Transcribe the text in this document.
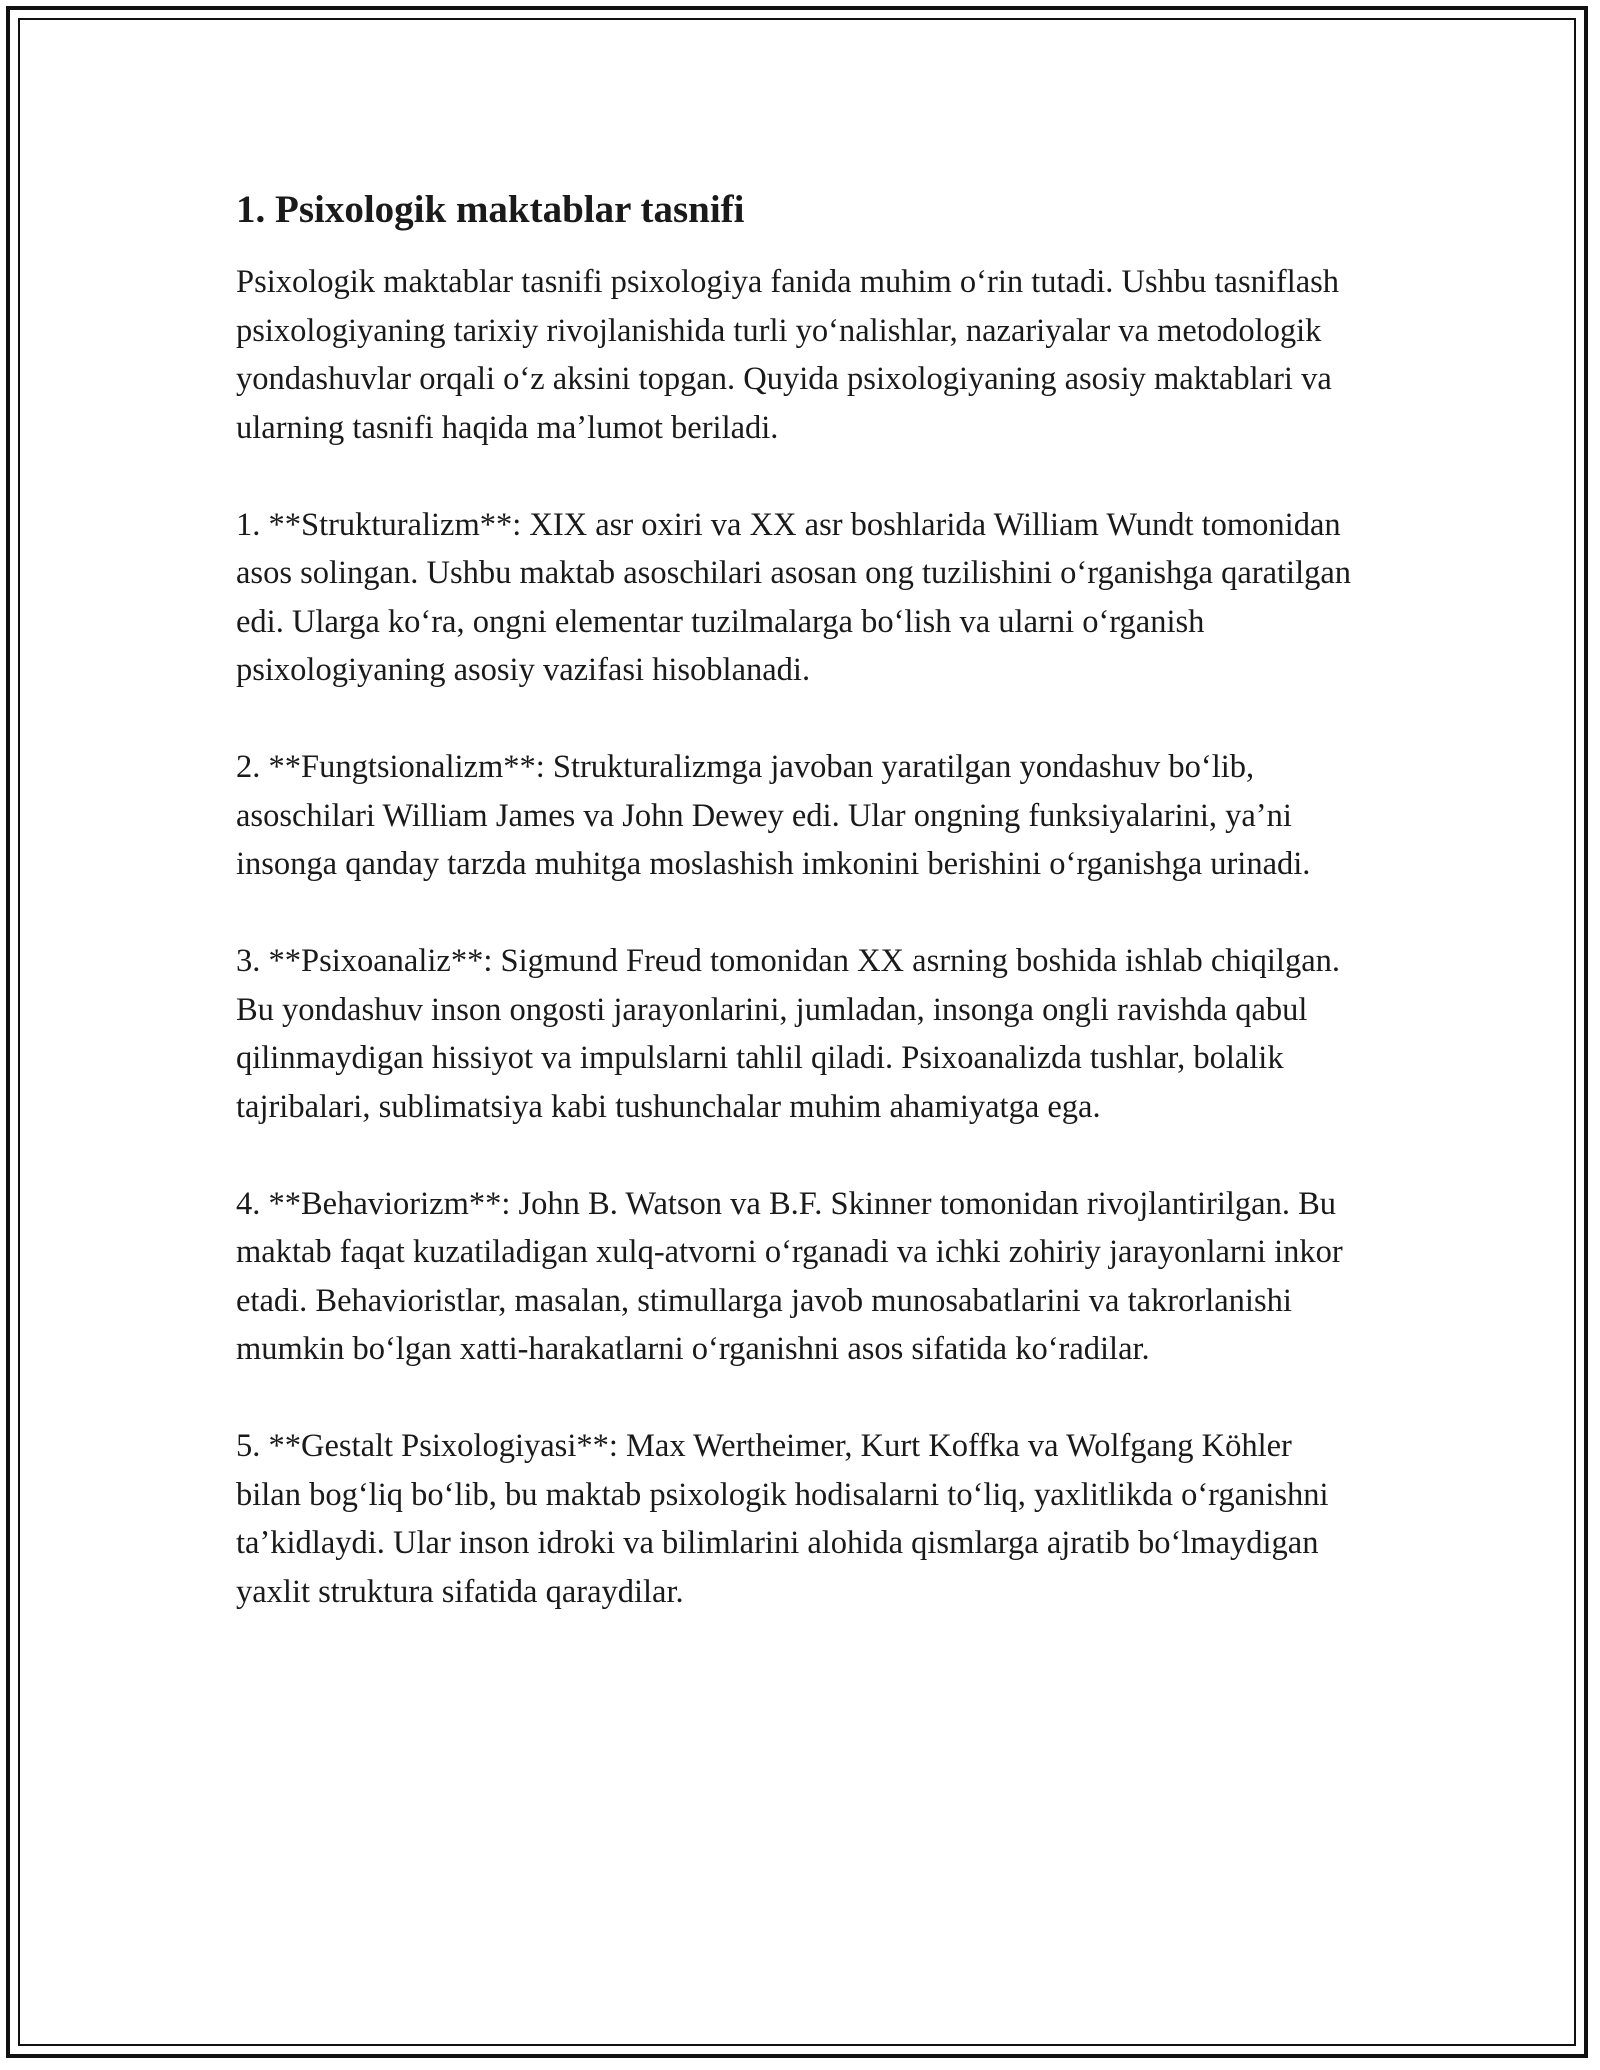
1. Psixologik maktablar tasnifi

Psixologik maktablar tasnifi psixologiya fanida muhim oʻrin tutadi. Ushbu tasniflash psixologiyaning tarixiy rivojlanishida turli yoʻnalishlar, nazariyalar va metodologik yondashuvlar orqali oʻz aksini topgan. Quyida psixologiyaning asosiy maktablari va ularning tasnifi haqida maʼlumot beriladi.

1. **Strukturalizm**: XIX asr oxiri va XX asr boshlarida William Wundt tomonidan asos solingan. Ushbu maktab asoschilari asosan ong tuzilishini oʻrganishga qaratilgan edi. Ularga koʻra, ongni elementar tuzilmalarga boʻlish va ularni oʻrganish psixologiyaning asosiy vazifasi hisoblanadi.

2. **Fungtsionalizm**: Strukturalizmga javoban yaratilgan yondashuv boʻlib, asoschilari William James va John Dewey edi. Ular ongning funksiyalarini, yaʼni insonga qanday tarzda muhitga moslashish imkonini berishini oʻrganishga urinadi.

3. **Psixoanaliz**: Sigmund Freud tomonidan XX asrning boshida ishlab chiqilgan. Bu yondashuv inson ongosti jarayonlarini, jumladan, insonga ongli ravishda qabul qilinmaydigan hissiyot va impulslarni tahlil qiladi. Psixoanalizda tushlar, bolalik tajribalari, sublimatsiya kabi tushunchalar muhim ahamiyatga ega.

4. **Behaviorizm**: John B. Watson va B.F. Skinner tomonidan rivojlantirilgan. Bu maktab faqat kuzatiladigan xulq-atvorni oʻrganadi va ichki zohiriy jarayonlarni inkor etadi. Behavioristlar, masalan, stimullarga javob munosabatlarini va takrorlanishi mumkin boʻlgan xatti-harakatlarni oʻrganishni asos sifatida koʻradilar.

5. **Gestalt Psixologiyasi**: Max Wertheimer, Kurt Koffka va Wolfgang Köhler bilan bogʻliq boʻlib, bu maktab psixologik hodisalarni toʻliq, yaxlitlikda oʻrganishni taʼkidlaydi. Ular inson idroki va bilimlarini alohida qismlarga ajratib boʻlmaydigan yaxlit struktura sifatida qaraydilar.
